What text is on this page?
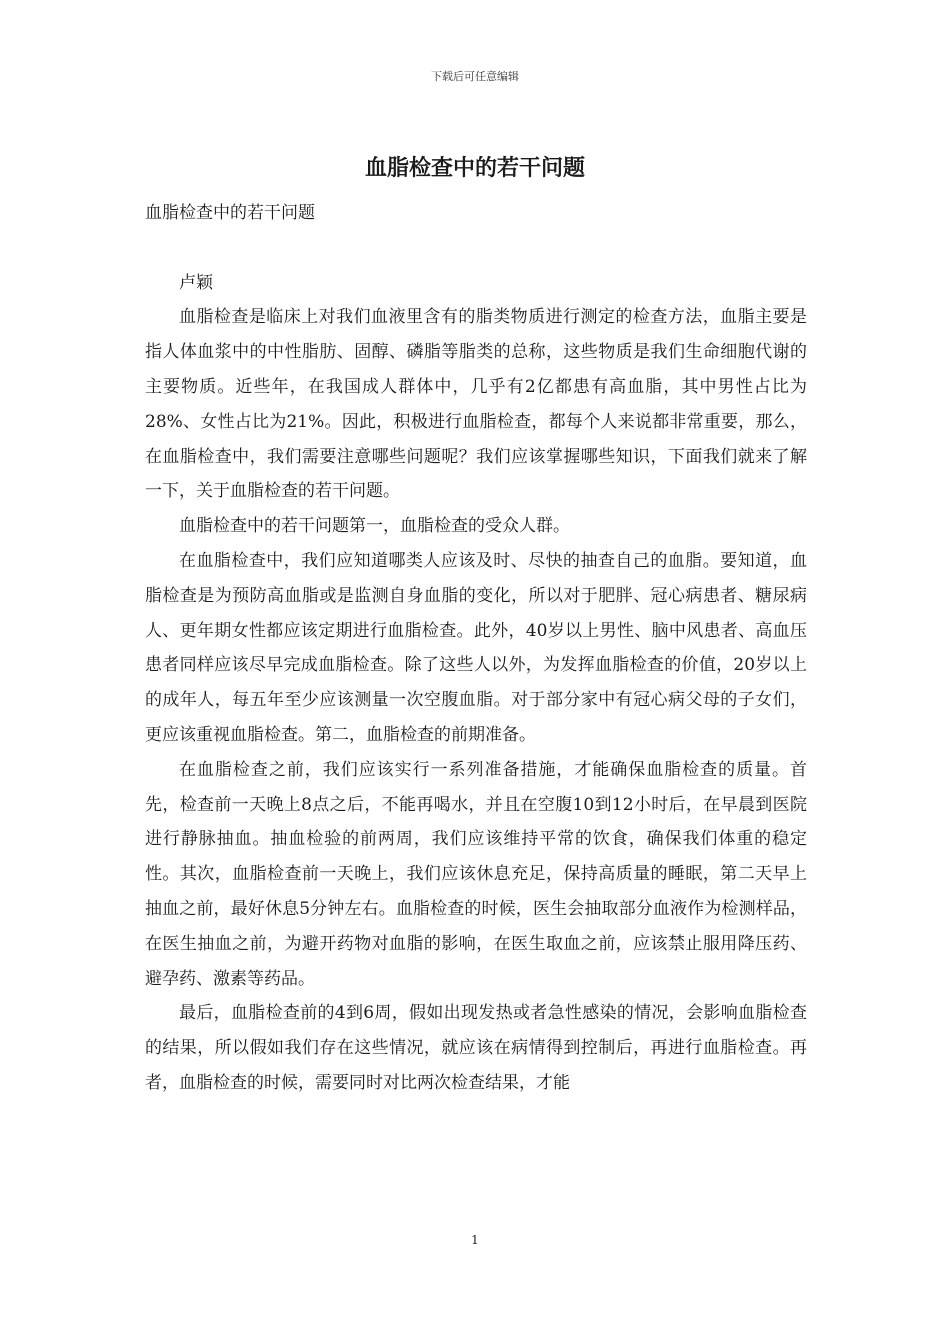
下载后可任意编辑
血脂检查中的若干问题

血脂检查中的若干问题

卢颖

血脂检查是临床上对我们血液里含有的脂类物质进行测定的检查方法，血脂主要是指人体血浆中的中性脂肪、固醇、磷脂等脂类的总称，这些物质是我们生命细胞代谢的主要物质。近些年，在我国成人群体中，几乎有2亿都患有高血脂，其中男性占比为28%、女性占比为21%。因此，积极进行血脂检查，都每个人来说都非常重要，那么，在血脂检查中，我们需要注意哪些问题呢？我们应该掌握哪些知识，下面我们就来了解一下，关于血脂检查的若干问题。

血脂检查中的若干问题第一，血脂检查的受众人群。

在血脂检查中，我们应知道哪类人应该及时、尽快的抽查自己的血脂。要知道，血脂检查是为预防高血脂或是监测自身血脂的变化，所以对于肥胖、冠心病患者、糖尿病人、更年期女性都应该定期进行血脂检查。此外，40岁以上男性、脑中风患者、高血压患者同样应该尽早完成血脂检查。除了这些人以外，为发挥血脂检查的价值，20岁以上的成年人，每五年至少应该测量一次空腹血脂。对于部分家中有冠心病父母的子女们，更应该重视血脂检查。第二，血脂检查的前期准备。

在血脂检查之前，我们应该实行一系列准备措施，才能确保血脂检查的质量。首先，检查前一天晚上8点之后，不能再喝水，并且在空腹10到12小时后，在早晨到医院进行静脉抽血。抽血检验的前两周，我们应该维持平常的饮食，确保我们体重的稳定性。其次，血脂检查前一天晚上，我们应该休息充足，保持高质量的睡眠，第二天早上抽血之前，最好休息5分钟左右。血脂检查的时候，医生会抽取部分血液作为检测样品，在医生抽血之前，为避开药物对血脂的影响，在医生取血之前，应该禁止服用降压药、避孕药、激素等药品。

最后，血脂检查前的4到6周，假如出现发热或者急性感染的情况，会影响血脂检查的结果，所以假如我们存在这些情况，就应该在病情得到控制后，再进行血脂检查。再者，血脂检查的时候，需要同时对比两次检查结果，才能

1
